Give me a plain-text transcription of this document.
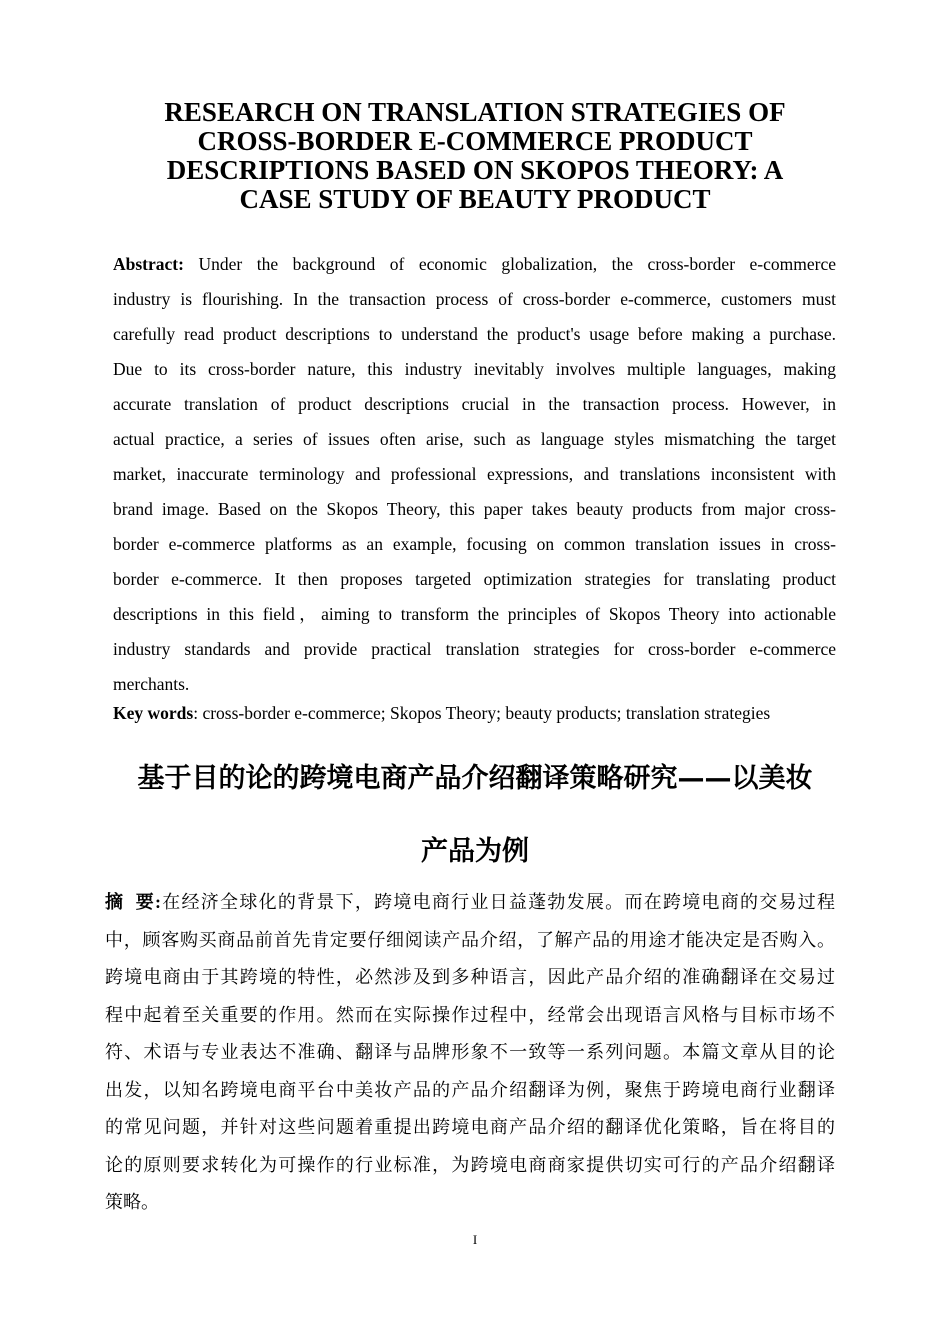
RESEARCH ON TRANSLATION STRATEGIES OF
CROSS-BORDER E-COMMERCE PRODUCT
DESCRIPTIONS BASED ON SKOPOS THEORY: A
CASE STUDY OF BEAUTY PRODUCT
Abstract: Under the background of economic globalization, the cross-border e-commerce
industry is flourishing. In the transaction process of cross-border e-commerce, customers must
carefully read product descriptions to understand the product's usage before making a purchase.
Due to its cross-border nature, this industry inevitably involves multiple languages, making
accurate translation of product descriptions crucial in the transaction process. However, in
actual practice, a series of issues often arise, such as language styles mismatching the target
market, inaccurate terminology and professional expressions, and translations inconsistent with
brand image. Based on the Skopos Theory, this paper takes beauty products from major cross-
border e-commerce platforms as an example, focusing on common translation issues in cross-
border e-commerce. It then proposes targeted optimization strategies for translating product
descriptions in this field，aiming to transform the principles of Skopos Theory into actionable
industry standards and provide practical translation strategies for cross-border e-commerce
merchants.
Key words: cross-border e-commerce; Skopos Theory; beauty products; translation strategies
基于目的论的跨境电商产品介绍翻译策略研究——以美妆
产品为例
摘  要:在经济全球化的背景下，跨境电商行业日益蓬勃发展。而在跨境电商的交易过程
中，顾客购买商品前首先肯定要仔细阅读产品介绍，了解产品的用途才能决定是否购入。
跨境电商由于其跨境的特性，必然涉及到多种语言，因此产品介绍的准确翻译在交易过
程中起着至关重要的作用。然而在实际操作过程中，经常会出现语言风格与目标市场不
符、术语与专业表达不准确、翻译与品牌形象不一致等一系列问题。本篇文章从目的论
出发，以知名跨境电商平台中美妆产品的产品介绍翻译为例，聚焦于跨境电商行业翻译
的常见问题，并针对这些问题着重提出跨境电商产品介绍的翻译优化策略，旨在将目的
论的原则要求转化为可操作的行业标准，为跨境电商商家提供切实可行的产品介绍翻译
策略。
I
